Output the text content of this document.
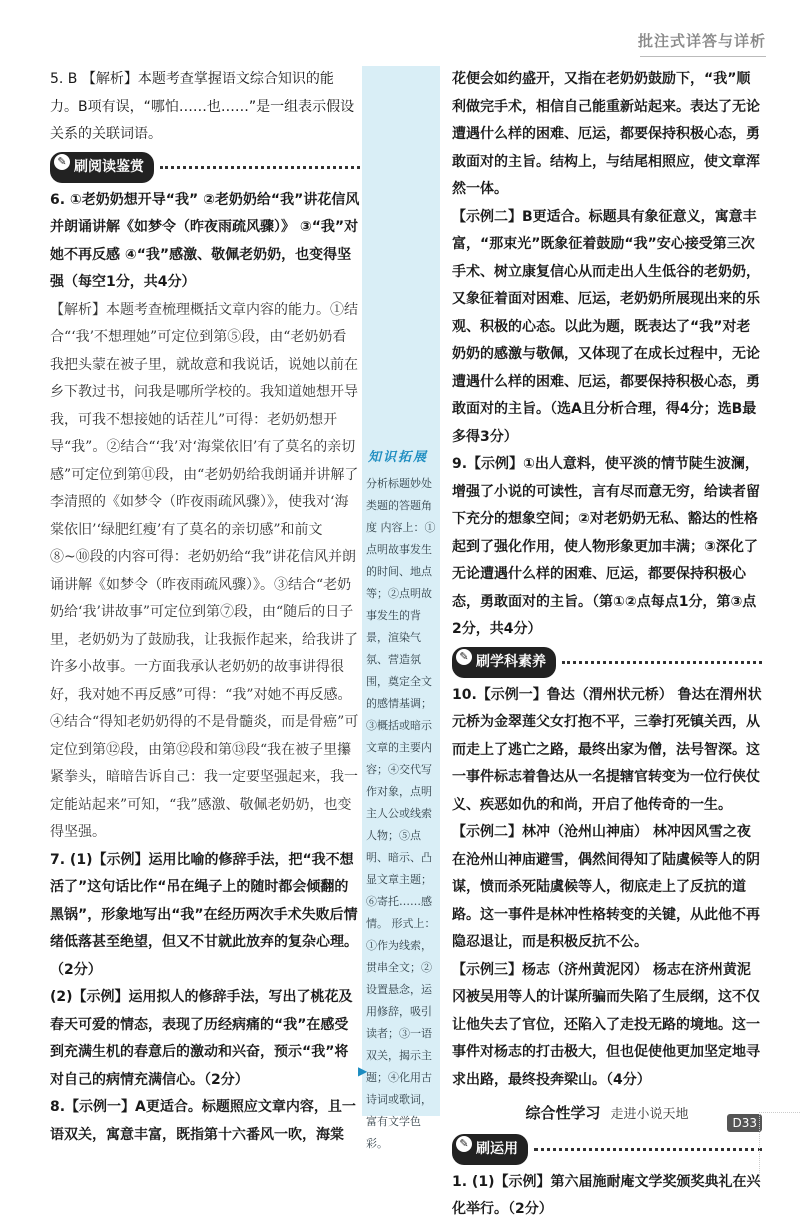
批注式详答与详析

5. B 【解析】本题考查掌握语文综合知识的能力。B项有误，“哪怕……也……”是一组表示假设关系的关联词语。

✎ 刷阅读鉴赏

6. ①老奶奶想开导“我” ②老奶奶给“我”讲花信风并朗诵讲解《如梦令（昨夜雨疏风骤）》 ③“我”对她不再反感 ④“我”感激、敬佩老奶奶，也变得坚强（每空1分，共4分）

【解析】本题考查梳理概括文章内容的能力。①结合“‘我’不想理她”可定位到第⑤段，由“老奶奶看我把头蒙在被子里，就故意和我说话，说她以前在乡下教过书，问我是哪所学校的。我知道她想开导我，可我不想接她的话茬儿”可得：老奶奶想开导“我”。②结合“‘我’对‘海棠依旧’有了莫名的亲切感”可定位到第⑪段，由“老奶奶给我朗诵并讲解了李清照的《如梦令（昨夜雨疏风骤）》，使我对‘海棠依旧’‘绿肥红瘦’有了莫名的亲切感”和前文⑧~⑩段的内容可得：老奶奶给“我”讲花信风并朗诵讲解《如梦令（昨夜雨疏风骤）》。③结合“老奶奶给‘我’讲故事”可定位到第⑦段，由“随后的日子里，老奶奶为了鼓励我，让我振作起来，给我讲了许多小故事。一方面我承认老奶奶的故事讲得很好，我对她不再反感”可得：“我”对她不再反感。④结合“得知老奶奶得的不是骨髓炎，而是骨癌”可定位到第⑫段，由第⑫段和第⑬段“我在被子里攥紧拳头，暗暗告诉自己：我一定要坚强起来，我一定能站起来”可知，“我”感激、敬佩老奶奶，也变得坚强。

7. (1)【示例】运用比喻的修辞手法，把“我不想活了”这句话比作“吊在绳子上的随时都会倾翻的黑锅”，形象地写出“我”在经历两次手术失败后情绪低落甚至绝望，但又不甘就此放弃的复杂心理。（2分）

(2)【示例】运用拟人的修辞手法，写出了桃花及春天可爱的情态，表现了历经病痛的“我”在感受到充满生机的春意后的激动和兴奋，预示“我”将对自己的病情充满信心。（2分）

8.【示例一】A更适合。标题照应文章内容，且一语双关，寓意丰富，既指第十六番风一吹，海棠

知识拓展
分析标题妙处类题的答题角度 内容上：①点明故事发生的时间、地点等；②点明故事发生的背景，渲染气氛、营造氛围，奠定全文的感情基调；③概括或暗示文章的主要内容；④交代写作对象，点明主人公或线索人物；⑤点明、暗示、凸显文章主题；⑥寄托……感情。 形式上：①作为线索，贯串全文；②设置悬念，运用修辞，吸引读者；③一语双关，揭示主题；④化用古诗词或歌词，富有文学色彩。
▶

花便会如约盛开，又指在老奶奶鼓励下，“我”顺利做完手术，相信自己能重新站起来。表达了无论遭遇什么样的困难、厄运，都要保持积极心态，勇敢面对的主旨。结构上，与结尾相照应，使文章浑然一体。

【示例二】B更适合。标题具有象征意义，寓意丰富，“那束光”既象征着鼓励“我”安心接受第三次手术、树立康复信心从而走出人生低谷的老奶奶，又象征着面对困难、厄运，老奶奶所展现出来的乐观、积极的心态。以此为题，既表达了“我”对老奶奶的感激与敬佩，又体现了在成长过程中，无论遭遇什么样的困难、厄运，都要保持积极心态，勇敢面对的主旨。（选A且分析合理，得4分；选B最多得3分）

9.【示例】①出人意料，使平淡的情节陡生波澜，增强了小说的可读性，言有尽而意无穷，给读者留下充分的想象空间；②对老奶奶无私、豁达的性格起到了强化作用，使人物形象更加丰满；③深化了无论遭遇什么样的困难、厄运，都要保持积极心态，勇敢面对的主旨。（第①②点每点1分，第③点2分，共4分）

✎ 刷学科素养

10.【示例一】鲁达（渭州状元桥） 鲁达在渭州状元桥为金翠莲父女打抱不平，三拳打死镇关西，从而走上了逃亡之路，最终出家为僧，法号智深。这一事件标志着鲁达从一名提辖官转变为一位行侠仗义、疾恶如仇的和尚，开启了他传奇的一生。

【示例二】林冲（沧州山神庙） 林冲因风雪之夜在沧州山神庙避雪，偶然间得知了陆虞候等人的阴谋，愤而杀死陆虞候等人，彻底走上了反抗的道路。这一事件是林冲性格转变的关键，从此他不再隐忍退让，而是积极反抗不公。

【示例三】杨志（济州黄泥冈） 杨志在济州黄泥冈被吴用等人的计谋所骗而失陷了生辰纲，这不仅让他失去了官位，还陷入了走投无路的境地。这一事件对杨志的打击极大，但也促使他更加坚定地寻求出路，最终投奔梁山。（4分）

综合性学习 走进小说天地
✎ 刷运用

1. (1)【示例】第六届施耐庵文学奖颁奖典礼在兴化举行。（2分）

D33
